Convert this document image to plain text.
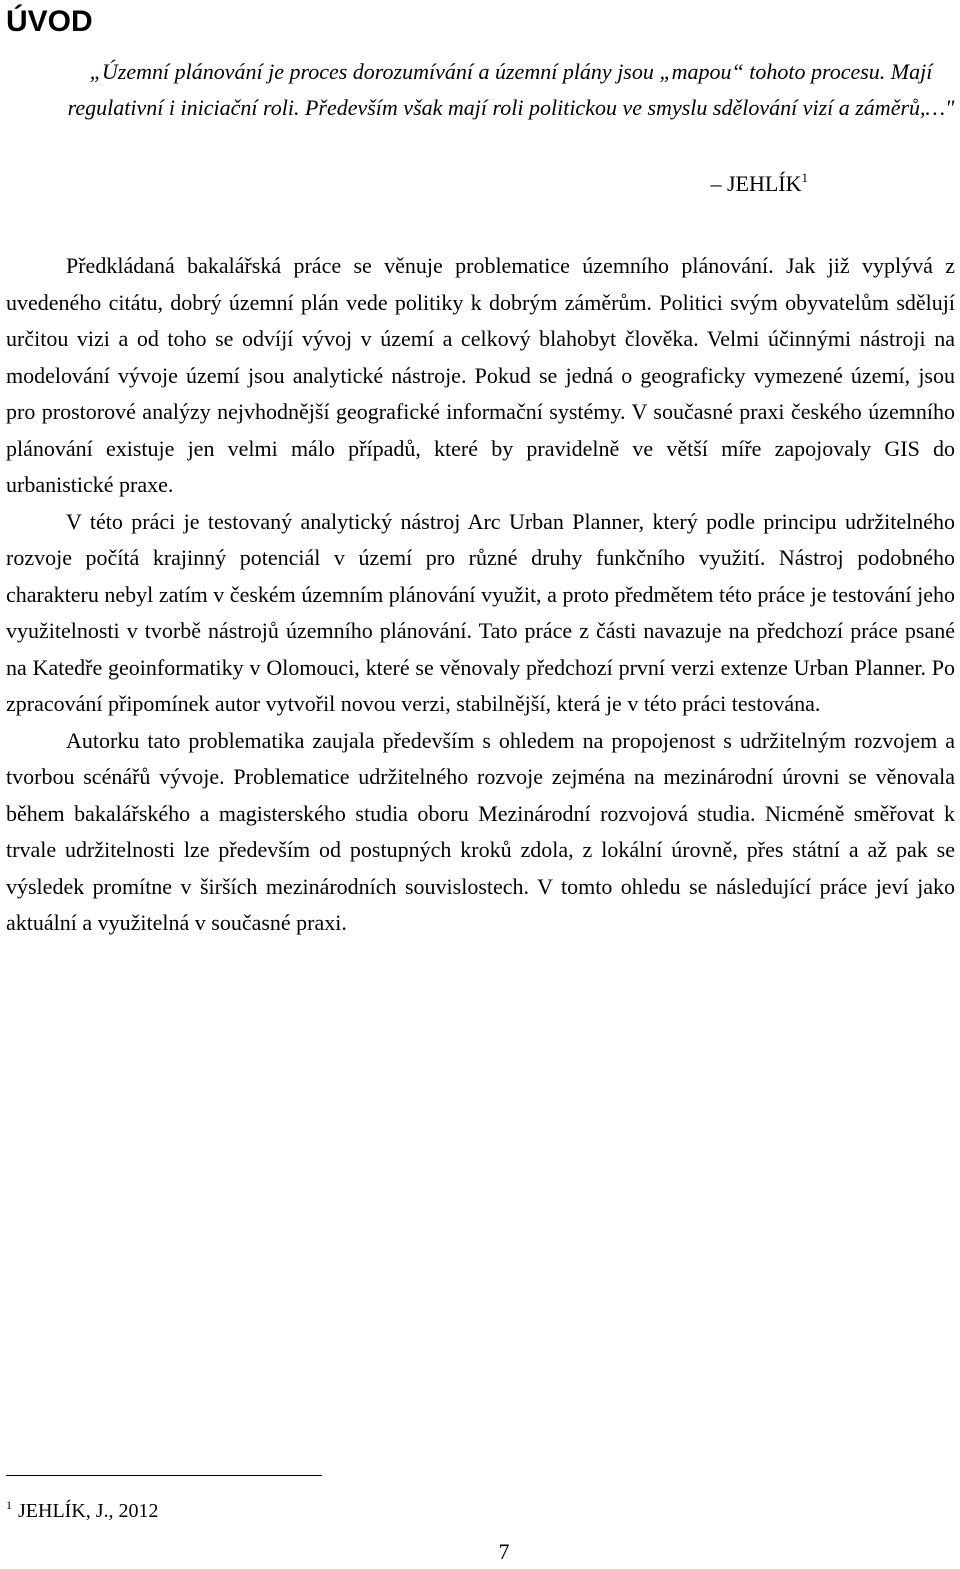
ÚVOD

„Územní plánování je proces dorozumívání a územní plány jsou „mapou“ tohoto procesu. Mají regulativní i iniciační roli. Především však mají roli politickou ve smyslu sdělování vizí a záměrů,…"

– JEHLÍK$^1$

Předkládaná bakalářská práce se věnuje problematice územního plánování. Jak již vyplývá z uvedeného citátu, dobrý územní plán vede politiky k dobrým záměrům. Politici svým obyvatelům sdělují určitou vizi a od toho se odvíjí vývoj v území a celkový blahobyt člověka. Velmi účinnými nástroji na modelování vývoje území jsou analytické nástroje. Pokud se jedná o geograficky vymezené území, jsou pro prostorové analýzy nejvhodnější geografické informační systémy. V současné praxi českého územního plánování existuje jen velmi málo případů, které by pravidelně ve větší míře zapojovaly GIS do urbanistické praxe.

V této práci je testovaný analytický nástroj Arc Urban Planner, který podle principu udržitelného rozvoje počítá krajinný potenciál v území pro různé druhy funkčního využití. Nástroj podobného charakteru nebyl zatím v českém územním plánování využit, a proto předmětem této práce je testování jeho využitelnosti v tvorbě nástrojů územního plánování. Tato práce z části navazuje na předchozí práce psané na Katedře geoinformatiky v Olomouci, které se věnovaly předchozí první verzi extenze Urban Planner. Po zpracování připomínek autor vytvořil novou verzi, stabilnější, která je v této práci testována.

Autorku tato problematika zaujala především s ohledem na propojenost s udržitelným rozvojem a tvorbou scénářů vývoje. Problematice udržitelného rozvoje zejména na mezinárodní úrovni se věnovala během bakalářského a magisterského studia oboru Mezinárodní rozvojová studia. Nicméně směřovat k trvale udržitelnosti lze především od postupných kroků zdola, z lokální úrovně, přes státní a až pak se výsledek promítne v širších mezinárodních souvislostech. V tomto ohledu se následující práce jeví jako aktuální a využitelná v současné praxi.

$^1$ JEHLÍK, J., 2012

7
